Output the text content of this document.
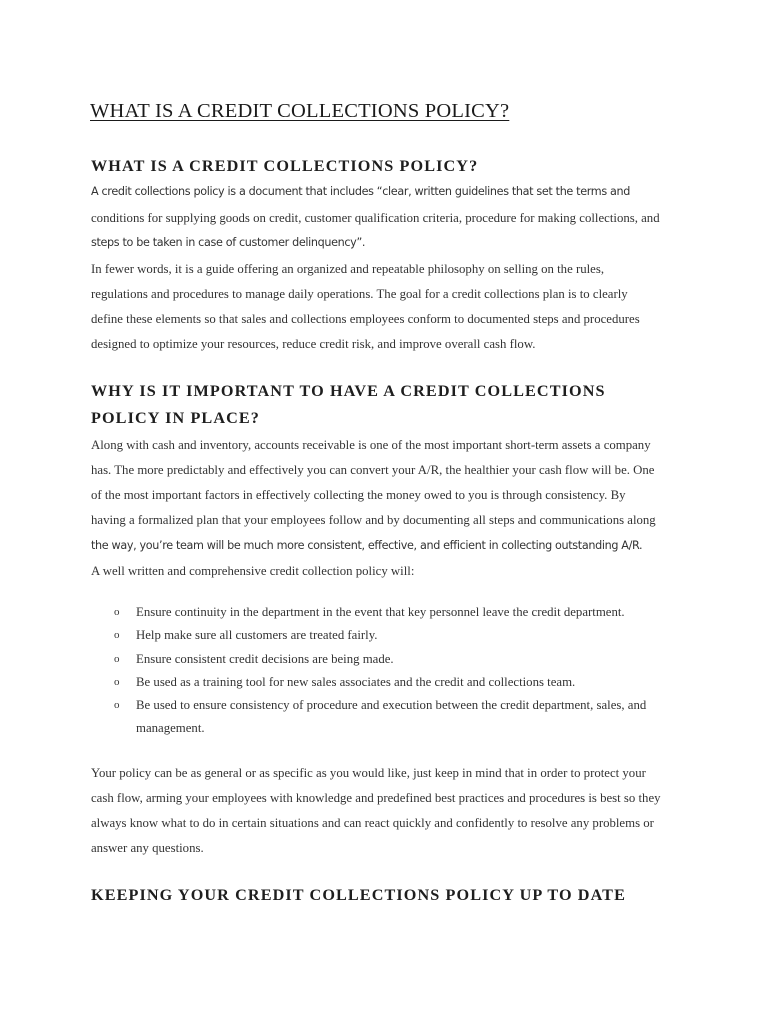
WHAT IS A CREDIT COLLECTIONS POLICY?
WHAT IS A CREDIT COLLECTIONS POLICY?

A credit collections policy is a document that includes “clear, written guidelines that set the terms and

conditions for supplying goods on credit, customer qualification criteria, procedure for making collections, and

steps to be taken in case of customer delinquency”.

In fewer words, it is a guide offering an organized and repeatable philosophy on selling on the rules,

regulations and procedures to manage daily operations. The goal for a credit collections plan is to clearly

define these elements so that sales and collections employees conform to documented steps and procedures

designed to optimize your resources, reduce credit risk, and improve overall cash flow.

WHY IS IT IMPORTANT TO HAVE A CREDIT COLLECTIONS
POLICY IN PLACE?

Along with cash and inventory, accounts receivable is one of the most important short-term assets a company

has. The more predictably and effectively you can convert your A/R, the healthier your cash flow will be. One

of the most important factors in effectively collecting the money owed to you is through consistency. By

having a formalized plan that your employees follow and by documenting all steps and communications along

the way, you’re team will be much more consistent, effective, and efficient in collecting outstanding A/R.

A well written and comprehensive credit collection policy will:

o Ensure continuity in the department in the event that key personnel leave the credit department.
o Help make sure all customers are treated fairly.
o Ensure consistent credit decisions are being made.
o Be used as a training tool for new sales associates and the credit and collections team.
o Be used to ensure consistency of procedure and execution between the credit department, sales, and
management.

Your policy can be as general or as specific as you would like, just keep in mind that in order to protect your

cash flow, arming your employees with knowledge and predefined best practices and procedures is best so they

always know what to do in certain situations and can react quickly and confidently to resolve any problems or

answer any questions.

KEEPING YOUR CREDIT COLLECTIONS POLICY UP TO DATE
